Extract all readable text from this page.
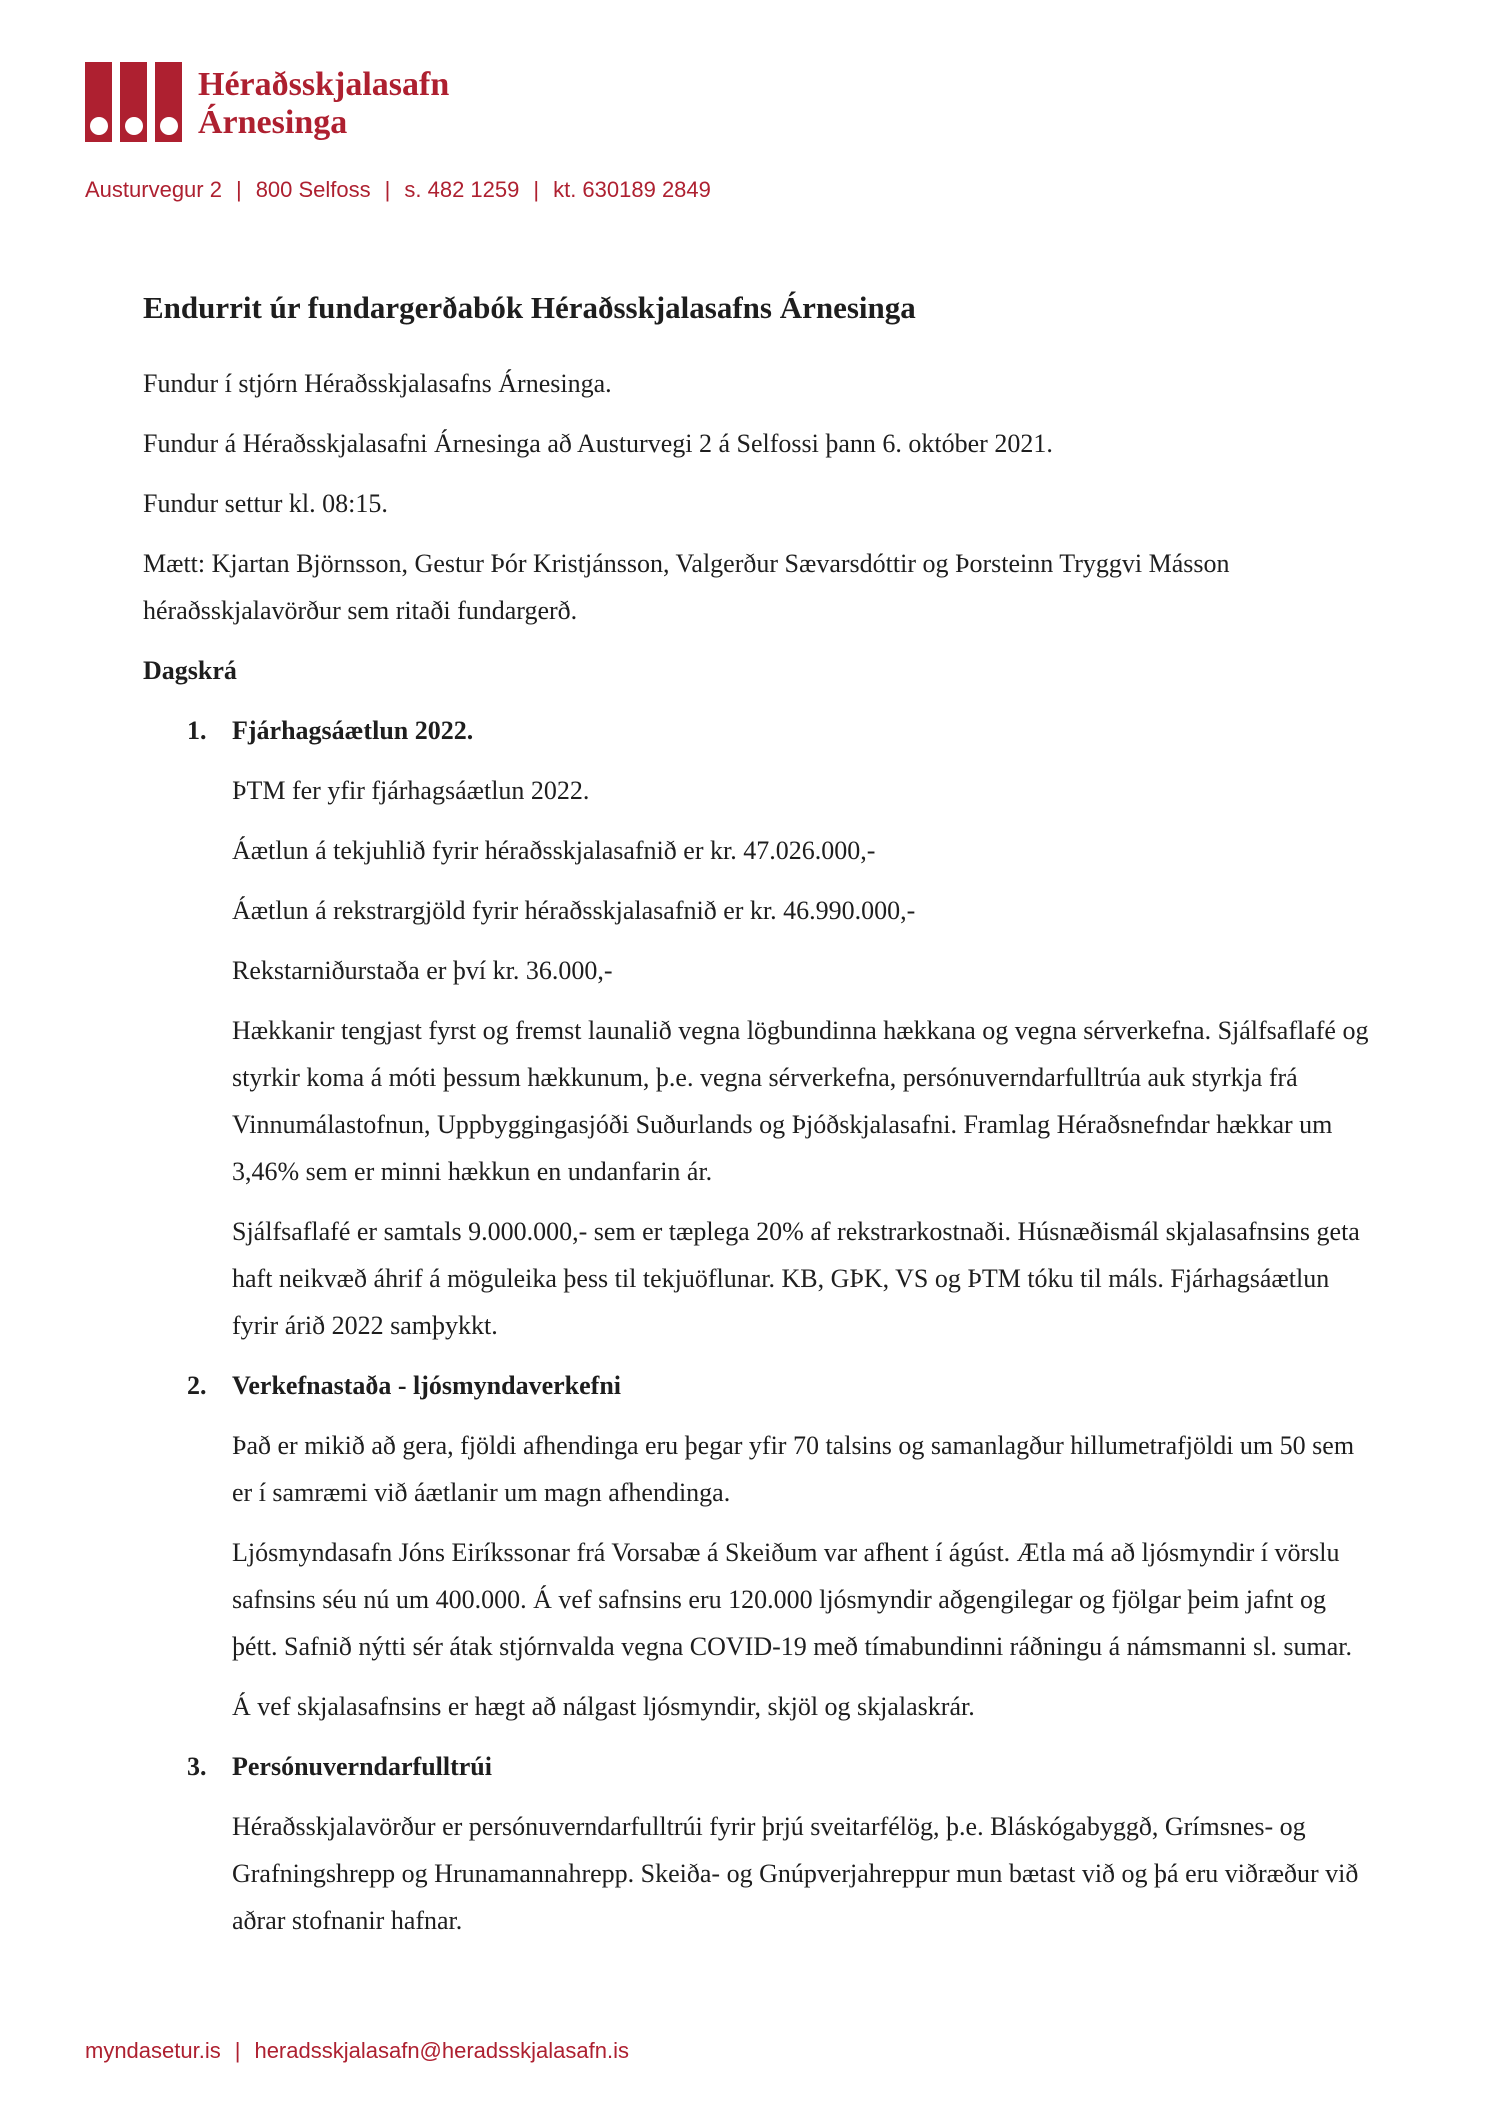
Héraðsskjalasafn
Árnesinga
Austurvegur 2 | 800 Selfoss | s. 482 1259 | kt. 630189 2849
Endurrit úr fundargerðabók Héraðsskjalasafns Árnesinga

Fundur í stjórn Héraðsskjalasafns Árnesinga.

Fundur á Héraðsskjalasafni Árnesinga að Austurvegi 2 á Selfossi þann 6. október 2021.

Fundur settur kl. 08:15.

Mætt: Kjartan Björnsson, Gestur Þór Kristjánsson, Valgerður Sævarsdóttir og Þorsteinn Tryggvi Másson héraðsskjalavörður sem ritaði fundargerð.

Dagskrá
1. Fjárhagsáætlun 2022.

ÞTM fer yfir fjárhagsáætlun 2022.

Áætlun á tekjuhlið fyrir héraðsskjalasafnið er kr. 47.026.000,-

Áætlun á rekstrargjöld fyrir héraðsskjalasafnið er kr. 46.990.000,-

Rekstarniðurstaða er því kr. 36.000,-

Hækkanir tengjast fyrst og fremst launalið vegna lögbundinna hækkana og vegna sérverkefna. Sjálfsaflafé og styrkir koma á móti þessum hækkunum, þ.e. vegna sérverkefna, persónuverndarfulltrúa auk styrkja frá Vinnumálastofnun, Uppbyggingasjóði Suðurlands og Þjóðskjalasafni. Framlag Héraðsnefndar hækkar um 3,46% sem er minni hækkun en undanfarin ár.

Sjálfsaflafé er samtals 9.000.000,- sem er tæplega 20% af rekstrarkostnaði. Húsnæðismál skjalasafnsins geta haft neikvæð áhrif á möguleika þess til tekjuöflunar. KB, GÞK, VS og ÞTM tóku til máls. Fjárhagsáætlun fyrir árið 2022 samþykkt.

2. Verkefnastaða - ljósmyndaverkefni

Það er mikið að gera, fjöldi afhendinga eru þegar yfir 70 talsins og samanlagður hillumetrafjöldi um 50 sem er í samræmi við áætlanir um magn afhendinga.

Ljósmyndasafn Jóns Eiríkssonar frá Vorsabæ á Skeiðum var afhent í ágúst. Ætla má að ljósmyndir í vörslu safnsins séu nú um 400.000. Á vef safnsins eru 120.000 ljósmyndir aðgengilegar og fjölgar þeim jafnt og þétt. Safnið nýtti sér átak stjórnvalda vegna COVID-19 með tímabundinni ráðningu á námsmanni sl. sumar.

Á vef skjalasafnsins er hægt að nálgast ljósmyndir, skjöl og skjalaskrár.

3. Persónuverndarfulltrúi

Héraðsskjalavörður er persónuverndarfulltrúi fyrir þrjú sveitarfélög, þ.e. Bláskógabyggð, Grímsnes- og Grafningshrepp og Hrunamannahrepp. Skeiða- og Gnúpverjahreppur mun bætast við og þá eru viðræður við aðrar stofnanir hafnar.

myndasetur.is | heradsskjalasafn@heradsskjalasafn.is
